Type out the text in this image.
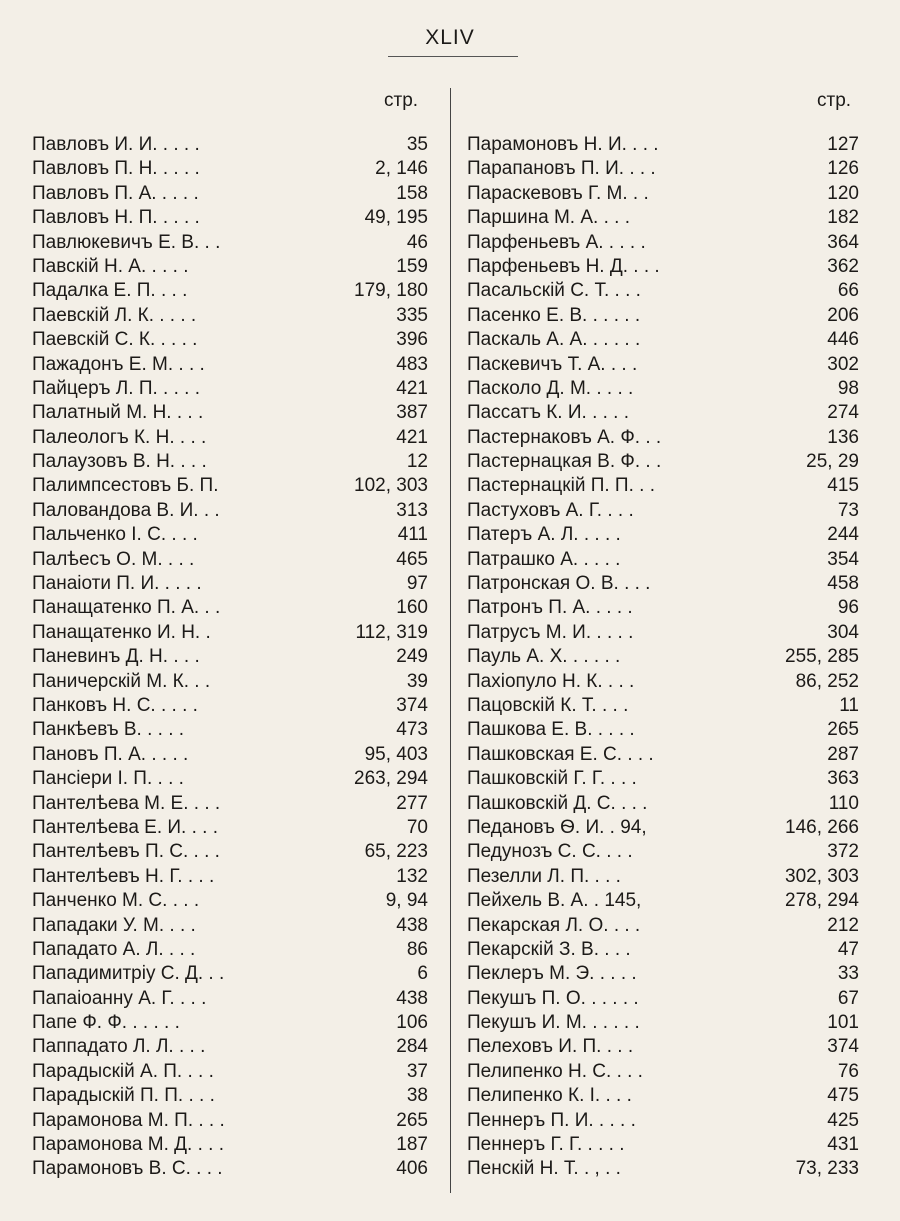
XLIV
стр.	стр.
Павловъ И. И. . . . .	35
Павловъ П. Н. . . . .	2, 146
Павловъ П. А. . . . .	158
Павловъ Н. П. . . . .	49, 195
Павлюкевичъ Е. В. . .	46
Павскій Н. А. . . . .	159
Падалка Е. П. . . .	179, 180
Паевскій Л. К. . . . .	335
Паевскій С. К. . . . .	396
Пажадонъ Е. М. . . .	483
Пайцеръ Л. П. . . . .	421
Палатный М. Н. . . .	387
Палеологъ К. Н. . . .	421
Палаузовъ В. Н. . . .	12
Палимпсестовъ Б. П.	102, 303
Паловандова В. И. . .	313
Пальченко І. С. . . .	411
Палѣесъ О. М. . . .	465
Панаіоти П. И. . . . .	97
Панащатенко П. А. . .	160
Панащатенко И. Н. .	112, 319
Паневинъ Д. Н. . . .	249
Паничерскій М. К. . .	39
Панковъ Н. С. . . . .	374
Панкѣевъ В. . . . .	473
Пановъ П. А. . . . .	95, 403
Пансіери І. П. . . .	263, 294
Пантелѣева М. Е. . . .	277
Пантелѣева Е. И. . . .	70
Пантелѣевъ П. С. . . .	65, 223
Пантелѣевъ Н. Г. . . .	132
Панченко М. С. . . .	9, 94
Пападаки У. М. . . .	438
Пападато А. Л. . . .	86
Пападимитріу С. Д. . .	6
Папаіоанну А. Г. . . .	438
Папе Ф. Ф. . . . . .	106
Паппадато Л. Л. . . .	284
Парадыскій А. П. . . .	37
Парадыскій П. П. . . .	38
Парамонова М. П. . . .	265
Парамонова М. Д. . . .	187
Парамоновъ В. С. . . .	406
Парамоновъ Н. И. . . .	127
Парапановъ П. И. . . .	126
Параскевовъ Г. М. . .	120
Паршина М. А. . . .	182
Парфеньевъ А. . . . .	364
Парфеньевъ Н. Д. . . .	362
Пасальскій С. Т. . . .	66
Пасенко Е. В. . . . . .	206
Паскаль А. А. . . . . .	446
Паскевичъ Т. А. . . .	302
Пасколо Д. М. . . . .	98
Пассатъ К. И. . . . .	274
Пастернаковъ А. Ф. . .	136
Пастернацкая В. Ф. . .	25, 29
Пастернацкій П. П. . .	415
Пастуховъ А. Г. . . .	73
Патеръ А. Л. . . . .	244
Патрашко А. . . . .	354
Патронская О. В. . . .	458
Патронъ П. А. . . . .	96
Патрусъ М. И. . . . .	304
Пауль А. Х. . . . . .	255, 285
Пахіопуло Н. К. . . .	86, 252
Пацовскій К. Т. . . .	11
Пашкова Е. В. . . . .	265
Пашковская Е. С. . . .	287
Пашковскій Г. Г. . . .	363
Пашковскій Д. С. . . .	110
Педановъ Ѳ. И. . 94,	146, 266
Педунозъ С. С. . . .	372
Пезелли Л. П. . . .	302, 303
Пейхель В. А. . 145,	278, 294
Пекарская Л. О. . . .	212
Пекарскій З. В. . . .	47
Пеклеръ М. Э. . . . .	33
Пекушъ П. О. . . . . .	67
Пекушъ И. М. . . . . .	101
Пелеховъ И. П. . . .	374
Пелипенко Н. С. . . .	76
Пелипенко К. І. . . .	475
Пеннеръ П. И. . . . .	425
Пеннеръ Г. Г. . . . .	431
Пенскій Н. Т. . , . .	73, 233
